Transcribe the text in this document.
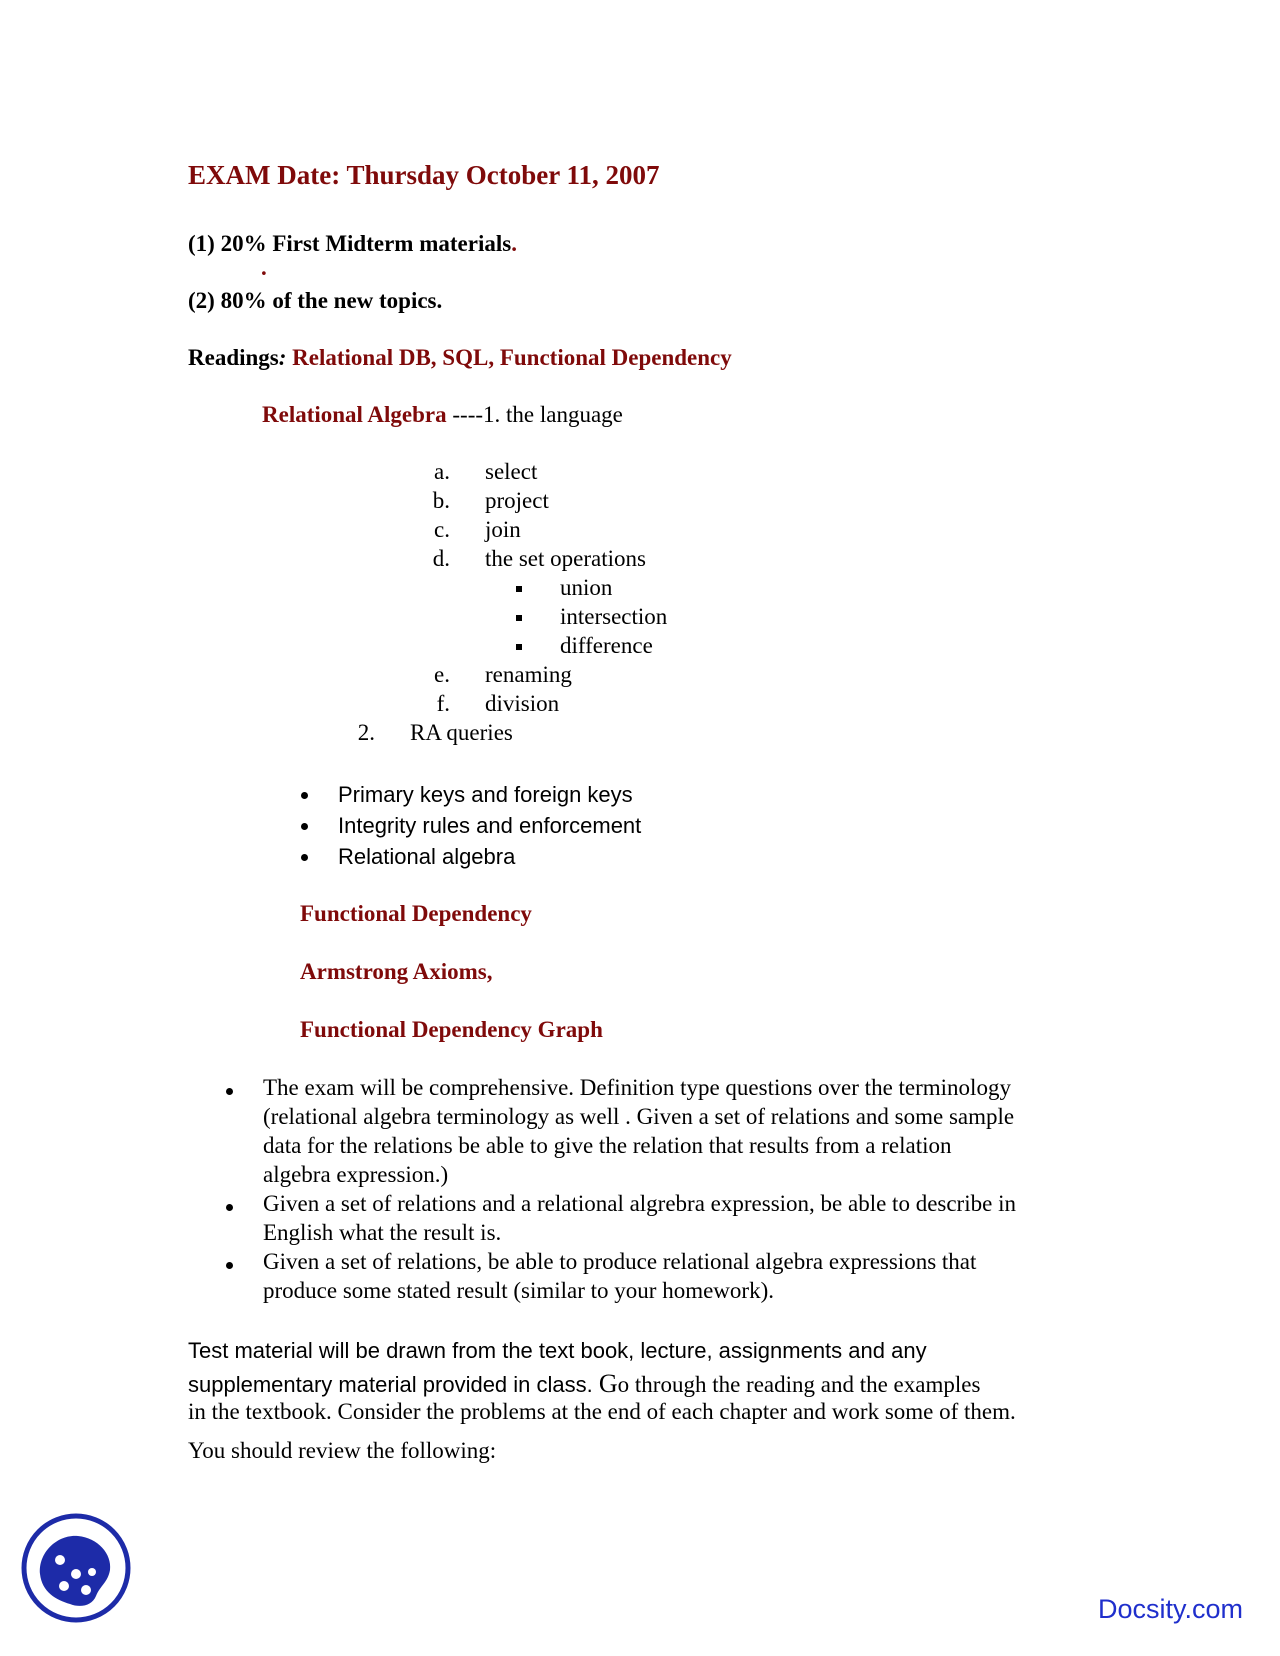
EXAM Date: Thursday October 11, 2007
(1) 20% First Midterm materials.
.
(2) 80% of the new topics.
Readings: Relational DB, SQL, Functional Dependency
Relational Algebra ----1. the language
a. select
b. project
c. join
d. the set operations
union
intersection
difference
e. renaming
f. division
2. RA queries
Primary keys and foreign keys
Integrity rules and enforcement
Relational algebra
Functional Dependency
Armstrong Axioms,
Functional Dependency Graph
The exam will be comprehensive. Definition type questions over the terminology
(relational algebra terminology as well . Given a set of relations and some sample
data for the relations be able to give the relation that results from a relation
algebra expression.)
Given a set of relations and a relational algrebra expression, be able to describe in
English what the result is.
Given a set of relations, be able to produce relational algebra expressions that
produce some stated result (similar to your homework).
Test material will be drawn from the text book, lecture, assignments and any
supplementary material provided in class. Go through the reading and the examples
in the textbook. Consider the problems at the end of each chapter and work some of them.
You should review the following:
Docsity.com
